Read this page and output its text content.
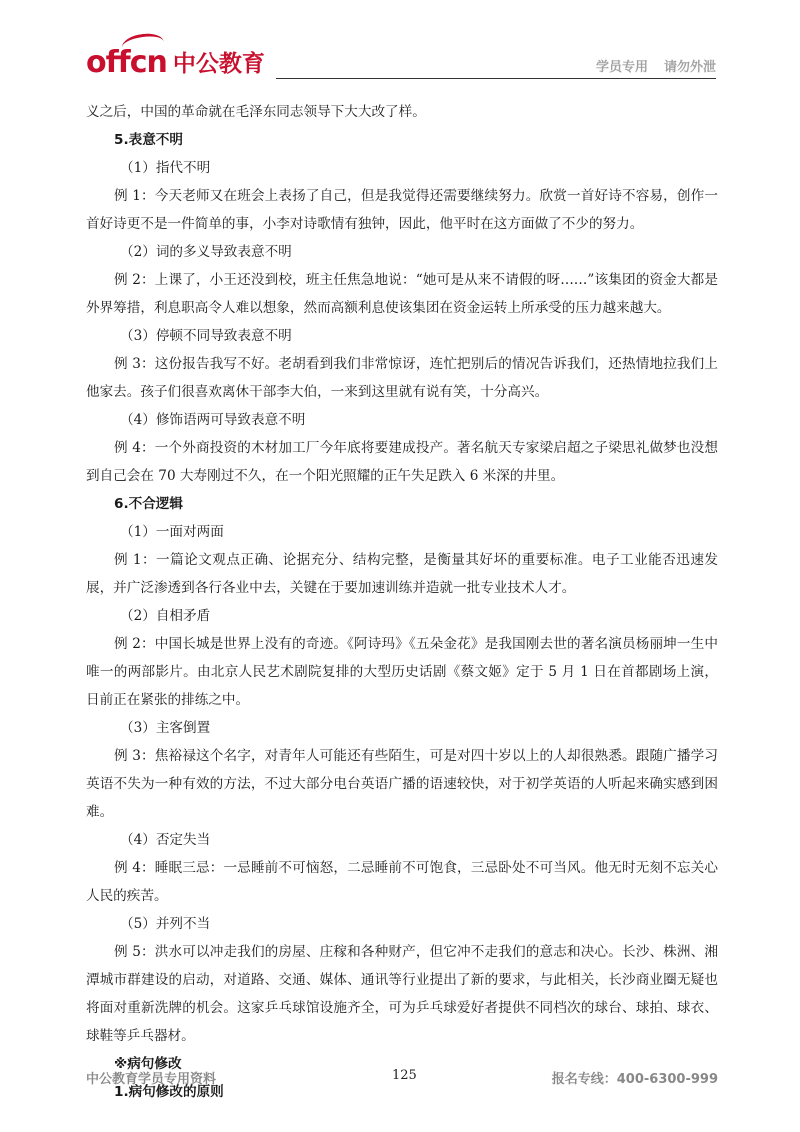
offcn 中公教育	学员专用 请勿外泄

义之后，中国的革命就在毛泽东同志领导下大大改了样。

5.表意不明

（1）指代不明

例 1：今天老师又在班会上表扬了自己，但是我觉得还需要继续努力。欣赏一首好诗不容易，创作一首好诗更不是一件简单的事，小李对诗歌情有独钟，因此，他平时在这方面做了不少的努力。

（2）词的多义导致表意不明

例 2：上课了，小王还没到校，班主任焦急地说：“她可是从来不请假的呀……”该集团的资金大都是外界筹措，利息职高令人难以想象，然而高额利息使该集团在资金运转上所承受的压力越来越大。

（3）停顿不同导致表意不明

例 3：这份报告我写不好。老胡看到我们非常惊讶，连忙把别后的情况告诉我们，还热情地拉我们上他家去。孩子们很喜欢离休干部李大伯，一来到这里就有说有笑，十分高兴。

（4）修饰语两可导致表意不明

例 4：一个外商投资的木材加工厂今年底将要建成投产。著名航天专家梁启超之子梁思礼做梦也没想到自己会在 70 大寿刚过不久，在一个阳光照耀的正午失足跌入 6 米深的井里。

6.不合逻辑

（1）一面对两面

例 1：一篇论文观点正确、论据充分、结构完整，是衡量其好坏的重要标准。电子工业能否迅速发展，并广泛渗透到各行各业中去，关键在于要加速训练并造就一批专业技术人才。

（2）自相矛盾

例 2：中国长城是世界上没有的奇迹。《阿诗玛》《五朵金花》是我国刚去世的著名演员杨丽坤一生中唯一的两部影片。由北京人民艺术剧院复排的大型历史话剧《蔡文姬》定于 5 月 1 日在首都剧场上演，日前正在紧张的排练之中。

（3）主客倒置

例 3：焦裕禄这个名字，对青年人可能还有些陌生，可是对四十岁以上的人却很熟悉。跟随广播学习英语不失为一种有效的方法，不过大部分电台英语广播的语速较快，对于初学英语的人听起来确实感到困难。

（4）否定失当

例 4：睡眠三忌：一忌睡前不可恼怒，二忌睡前不可饱食，三忌卧处不可当风。他无时无刻不忘关心人民的疾苦。

（5）并列不当

例 5：洪水可以冲走我们的房屋、庄稼和各种财产，但它冲不走我们的意志和决心。长沙、株洲、湘潭城市群建设的启动，对道路、交通、媒体、通讯等行业提出了新的要求，与此相关，长沙商业圈无疑也将面对重新洗牌的机会。这家乒乓球馆设施齐全，可为乒乓球爱好者提供不同档次的球台、球拍、球衣、球鞋等乒乓器材。

※病句修改

1.病句修改的原则

中公教育学员专用资料	125	报名专线：400-6300-999
